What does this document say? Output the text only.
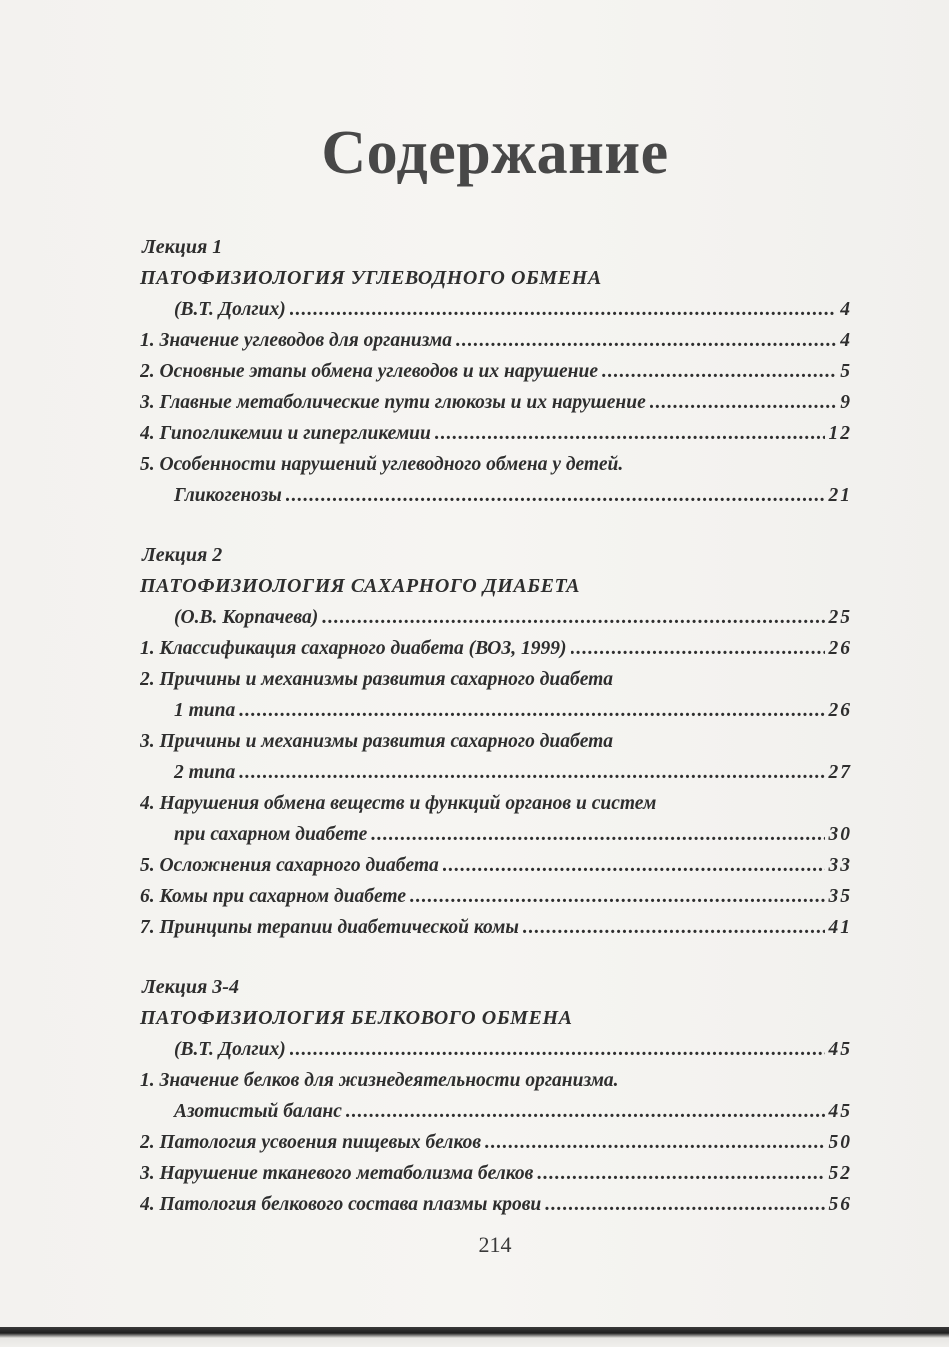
Содержание
Лекция 1
ПАТОФИЗИОЛОГИЯ УГЛЕВОДНОГО ОБМЕНА
(В.Т. Долгих) .....	4
1. Значение углеводов для организма .....	4
2. Основные этапы обмена углеводов и их нарушение .....	5
3. Главные метаболические пути глюкозы и их нарушение .....	9
4. Гипогликемии и гипергликемии .....	12
5. Особенности нарушений углеводного обмена у детей.
Гликогенозы .....	21
Лекция 2
ПАТОФИЗИОЛОГИЯ САХАРНОГО ДИАБЕТА
(О.В. Корпачева) .....	25
1. Классификация сахарного диабета (ВОЗ, 1999) .....	26
2. Причины и механизмы развития сахарного диабета
1 типа .....	26
3. Причины и механизмы развития сахарного диабета
2 типа .....	27
4. Нарушения обмена веществ и функций органов и систем
при сахарном диабете .....	30
5. Осложнения сахарного диабета .....	33
6. Комы при сахарном диабете .....	35
7. Принципы терапии диабетической комы .....	41
Лекция 3-4
ПАТОФИЗИОЛОГИЯ БЕЛКОВОГО ОБМЕНА
(В.Т. Долгих) .....	45
1. Значение белков для жизнедеятельности организма.
Азотистый баланс .....	45
2. Патология усвоения пищевых белков .....	50
3. Нарушение тканевого метаболизма белков .....	52
4. Патология белкового состава плазмы крови .....	56
214
